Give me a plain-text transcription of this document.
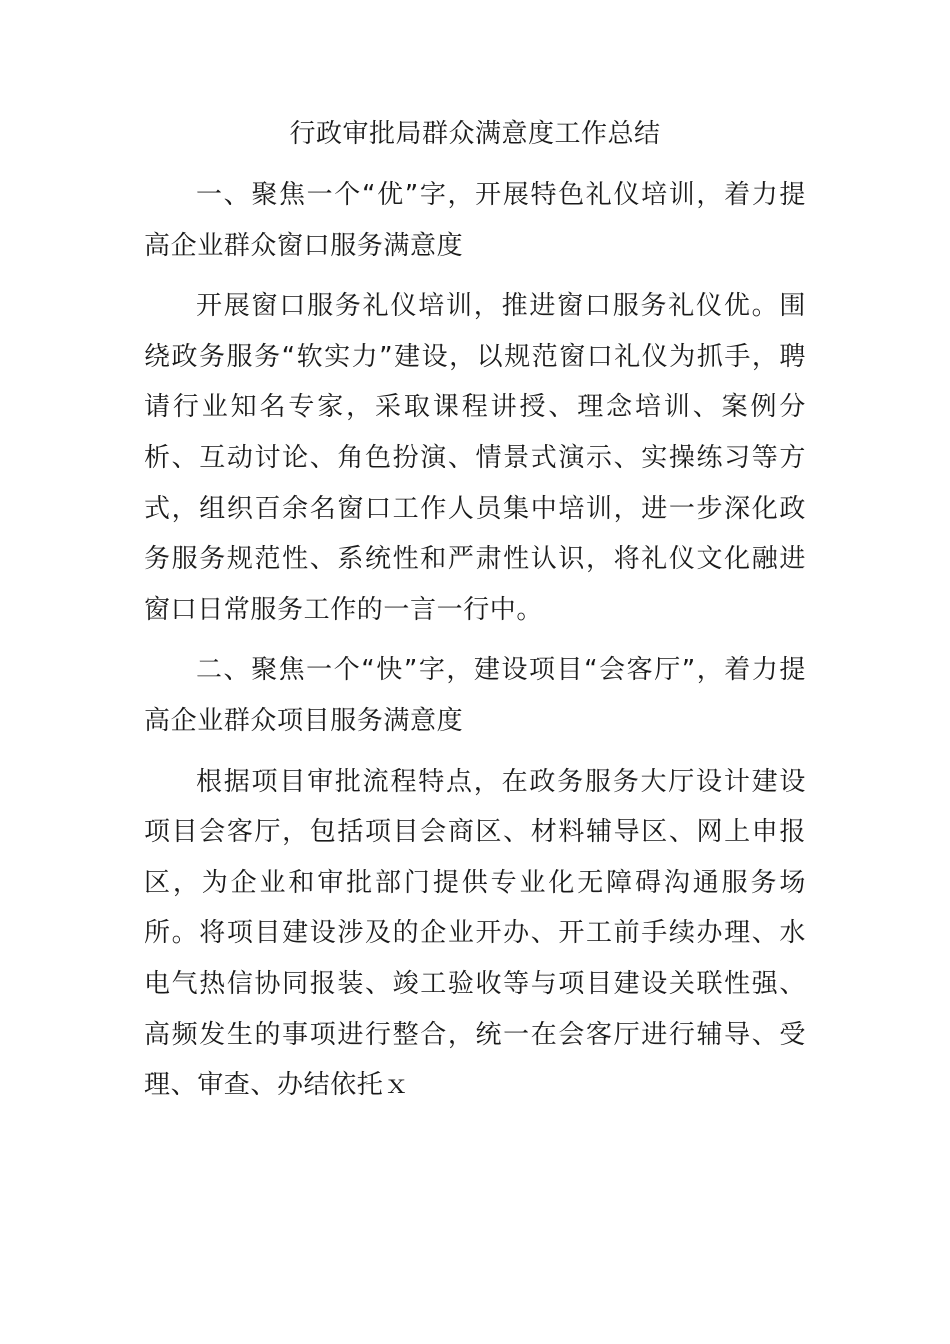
行政审批局群众满意度工作总结

一、聚焦一个“优”字，开展特色礼仪培训，着力提高企业群众窗口服务满意度

开展窗口服务礼仪培训，推进窗口服务礼仪优。围绕政务服务“软实力”建设，以规范窗口礼仪为抓手，聘请行业知名专家，采取课程讲授、理念培训、案例分析、互动讨论、角色扮演、情景式演示、实操练习等方式，组织百余名窗口工作人员集中培训，进一步深化政务服务规范性、系统性和严肃性认识，将礼仪文化融进窗口日常服务工作的一言一行中。

二、聚焦一个“快”字，建设项目“会客厅”，着力提高企业群众项目服务满意度

根据项目审批流程特点，在政务服务大厅设计建设项目会客厅，包括项目会商区、材料辅导区、网上申报区，为企业和审批部门提供专业化无障碍沟通服务场所。将项目建设涉及的企业开办、开工前手续办理、水电气热信协同报装、竣工验收等与项目建设关联性强、高频发生的事项进行整合，统一在会客厅进行辅导、受理、审查、办结依托ｘ
